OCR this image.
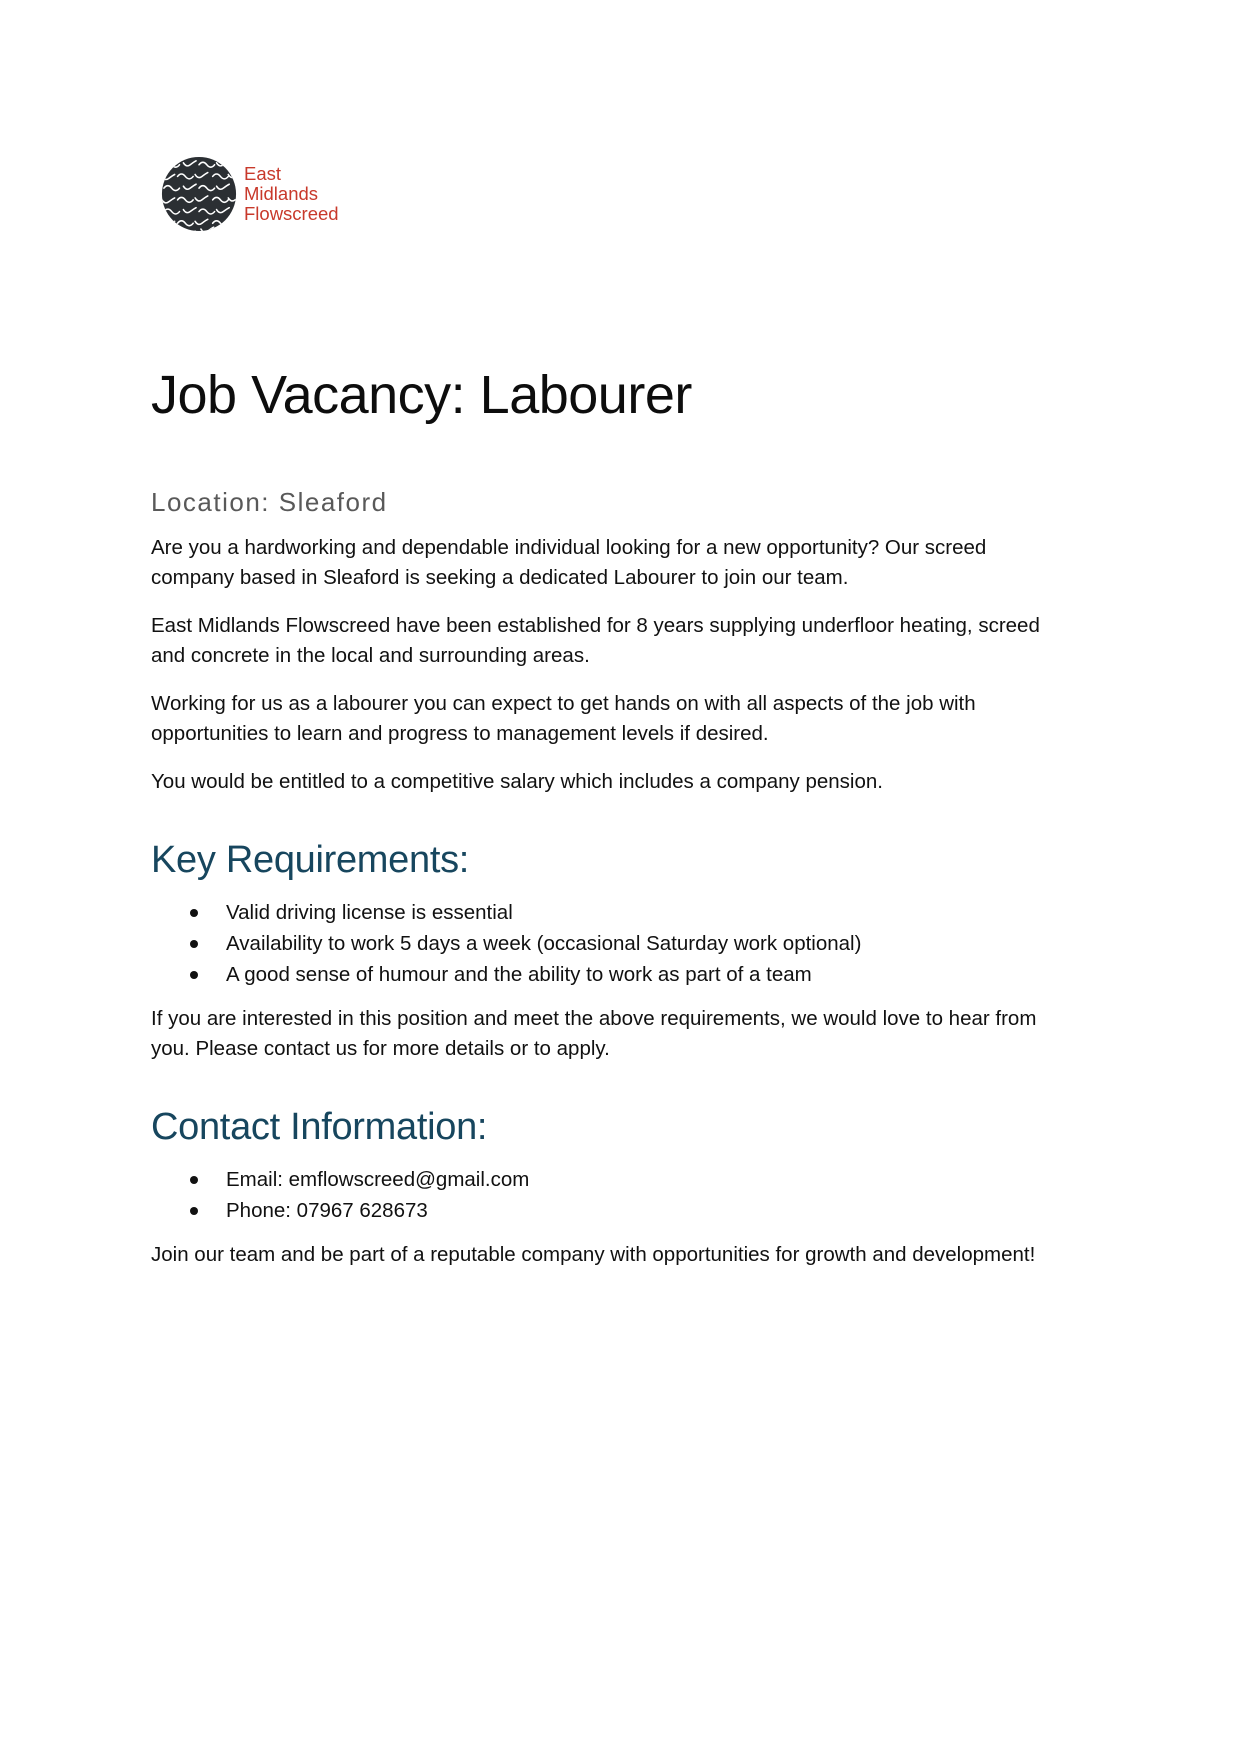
East
Midlands
Flowscreed
Job Vacancy: Labourer
Location: Sleaford

Are you a hardworking and dependable individual looking for a new opportunity? Our screed company based in Sleaford is seeking a dedicated Labourer to join our team.

East Midlands Flowscreed have been established for 8 years supplying underfloor heating, screed and concrete in the local and surrounding areas.

Working for us as a labourer you can expect to get hands on with all aspects of the job with opportunities to learn and progress to management levels if desired.

You would be entitled to a competitive salary which includes a company pension.

Key Requirements:
Valid driving license is essential
Availability to work 5 days a week (occasional Saturday work optional)
A good sense of humour and the ability to work as part of a team

If you are interested in this position and meet the above requirements, we would love to hear from you. Please contact us for more details or to apply.

Contact Information:
Email: emflowscreed@gmail.com
Phone: 07967 628673

Join our team and be part of a reputable company with opportunities for growth and development!
